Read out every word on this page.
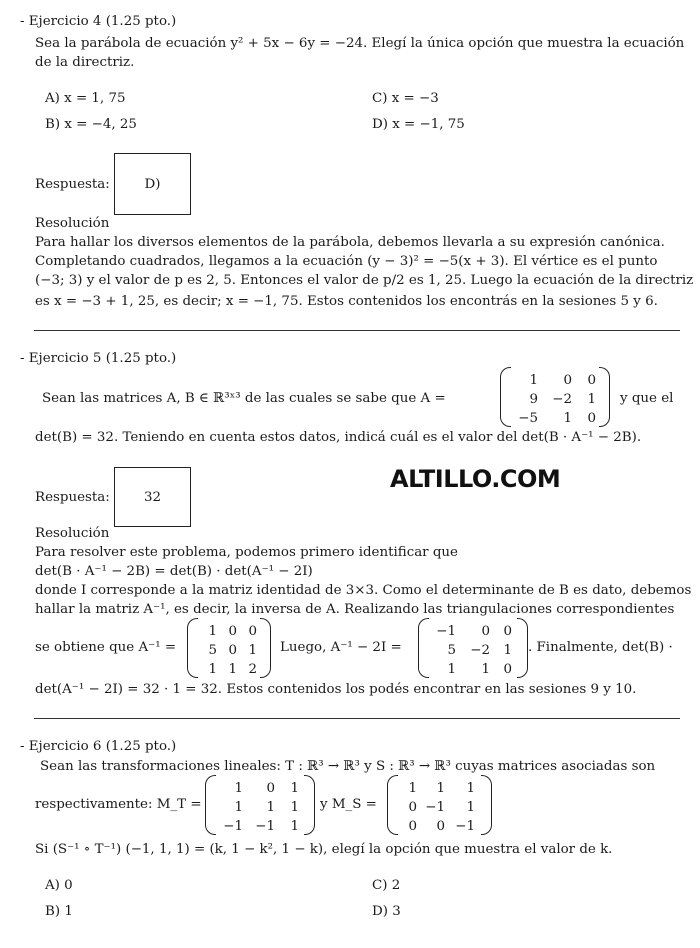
- Ejercicio 4 (1.25 pto.)
Sea la parábola de ecuación y² + 5x − 6y = −24. Elegí la única opción que muestra la ecuación
de la directriz.
A) x = 1, 75	C) x = −3
B) x = −4, 25	D) x = −1, 75
Respuesta:	D)
Resolución
Para hallar los diversos elementos de la parábola, debemos llevarla a su expresión canónica.
Completando cuadrados, llegamos a la ecuación (y − 3)² = −5(x + 3). El vértice es el punto
(−3; 3) y el valor de p es 2, 5. Entonces el valor de p/2 es 1, 25. Luego la ecuación de la directriz
es x = −3 + 1, 25, es decir; x = −1, 75. Estos contenidos los encontrás en la sesiones 5 y 6.
- Ejercicio 5 (1.25 pto.)
Sean las matrices A, B ∈ ℝ³ˣ³ de las cuales se sabe que A =
1	0	0
9	−2	1
−5	1	0
y que el
det(B) = 32. Teniendo en cuenta estos datos, indicá cuál es el valor del det(B · A⁻¹ − 2B).
Respuesta:	32
ALTILLO.COM
Resolución
Para resolver este problema, podemos primero identificar que
det(B · A⁻¹ − 2B) = det(B) · det(A⁻¹ − 2I)
donde I corresponde a la matriz identidad de 3×3. Como el determinante de B es dato, debemos
hallar la matriz A⁻¹, es decir, la inversa de A. Realizando las triangulaciones correspondientes
se obtiene que A⁻¹ =
1 0 0
5 0 1
1 1 2
Luego, A⁻¹ − 2I =
−1	0	0
5	−2	1
1	1	0
. Finalmente, det(B) ·
det(A⁻¹ − 2I) = 32 · 1 = 32. Estos contenidos los podés encontrar en las sesiones 9 y 10.
- Ejercicio 6 (1.25 pto.)
Sean las transformaciones lineales: T : ℝ³ → ℝ³ y S : ℝ³ → ℝ³ cuyas matrices asociadas son
respectivamente: M_T =
1	0	1
1	1	1
−1 −1	1
y M_S =
1	1	1
0 −1	1
0	0 −1
Si (S⁻¹ ∘ T⁻¹) (−1, 1, 1) = (k, 1 − k², 1 − k), elegí la opción que muestra el valor de k.
A) 0	C) 2
B) 1	D) 3
